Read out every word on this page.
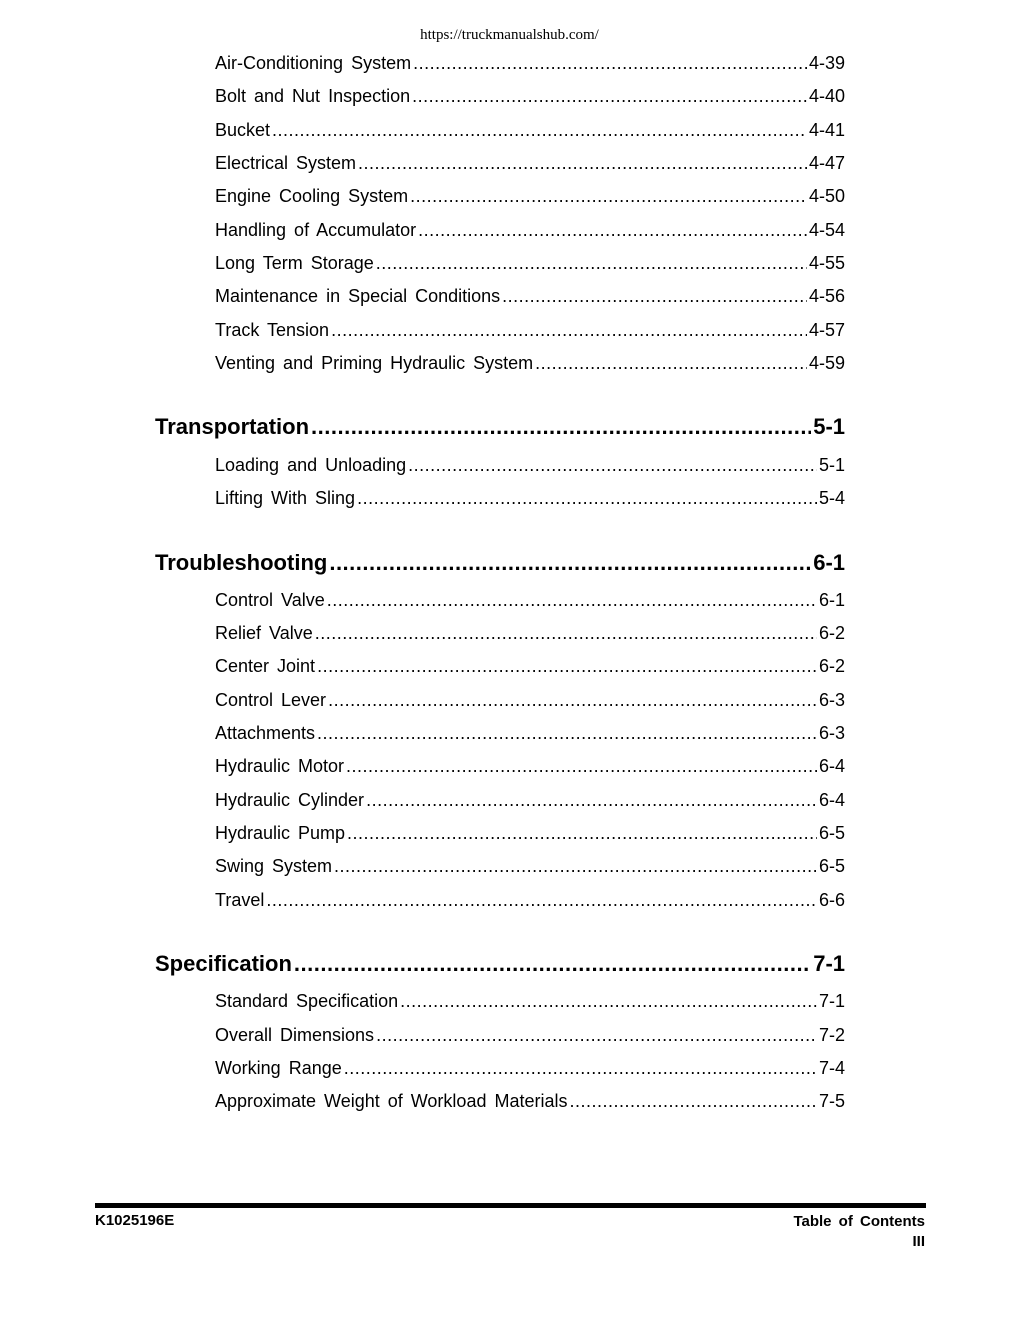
https://truckmanualshub.com/
Air-Conditioning System .....	4-39
Bolt and Nut Inspection .....	4-40
Bucket .....	4-41
Electrical System .....	4-47
Engine Cooling System .....	4-50
Handling of Accumulator .....	4-54
Long Term Storage .....	4-55
Maintenance in Special Conditions .....	4-56
Track Tension .....	4-57
Venting and Priming Hydraulic System .....	4-59
Transportation .....	5-1
Loading and Unloading .....	5-1
Lifting With Sling .....	5-4
Troubleshooting .....	6-1
Control Valve .....	6-1
Relief Valve .....	6-2
Center Joint .....	6-2
Control Lever .....	6-3
Attachments .....	6-3
Hydraulic Motor .....	6-4
Hydraulic Cylinder .....	6-4
Hydraulic Pump .....	6-5
Swing System .....	6-5
Travel .....	6-6
Specification .....	7-1
Standard Specification .....	7-1
Overall Dimensions .....	7-2
Working Range .....	7-4
Approximate Weight of Workload Materials .....	7-5
K1025196E	Table of Contents
III
